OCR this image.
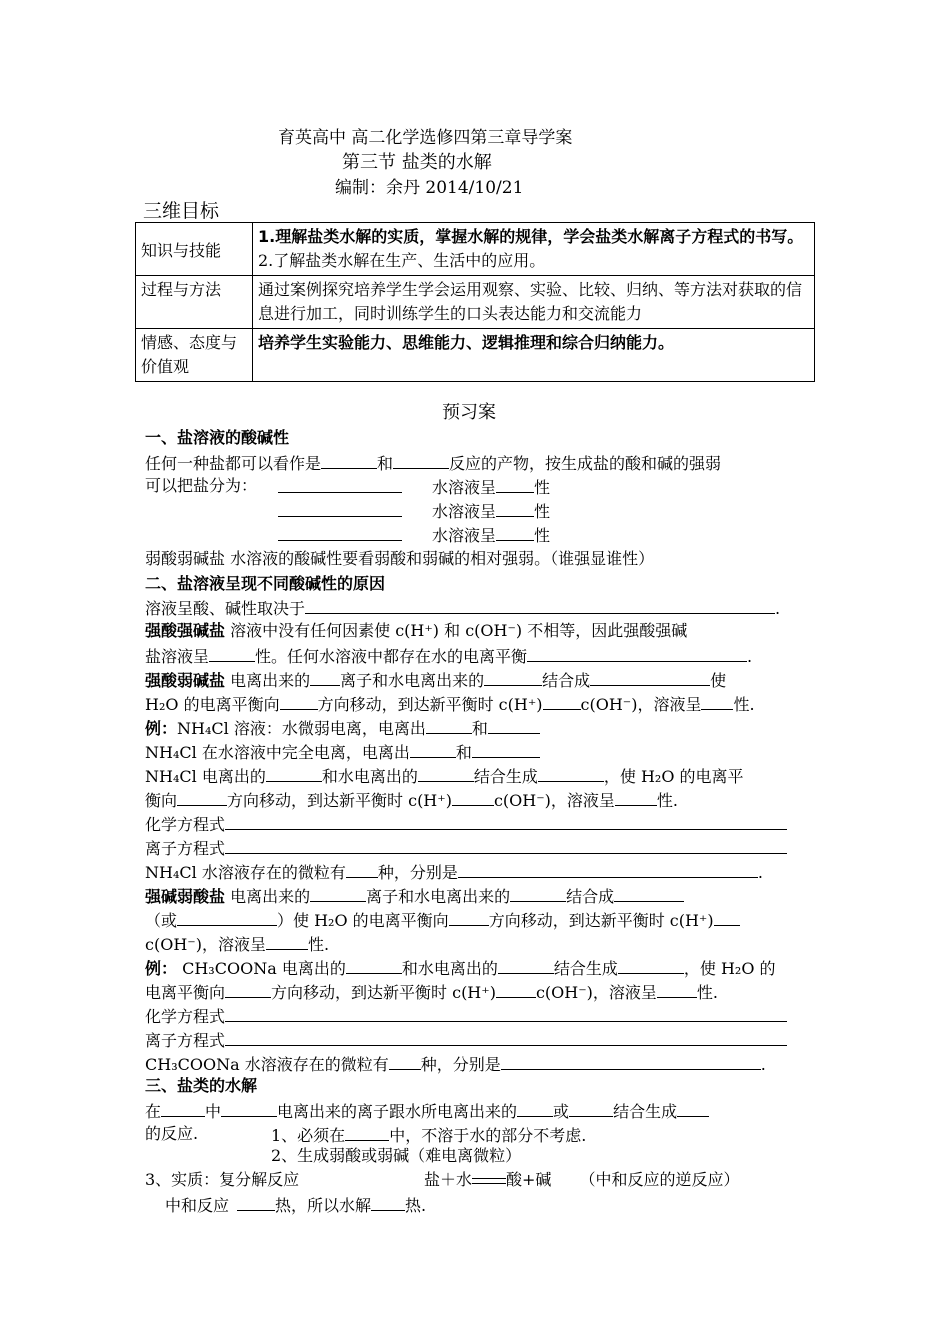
育英高中 高二化学选修四第三章导学案
第三节 盐类的水解
编制：余丹 2014/10/21
三维目标
知识与技能	1.理解盐类水解的实质，掌握水解的规律，学会盐类水解离子方程式的书写。
2.了解盐类水解在生产、生活中的应用。

过程与方法	通过案例探究培养学生学会运用观察、实验、比较、归纳、等方法对获取的信息进行加工，同时训练学生的口头表达能力和交流能力
情感、态度与价值观	培养学生实验能力、思维能力、逻辑推理和综合归纳能力。
预习案
一、盐溶液的酸碱性
任何一种盐都可以看作是	和	反应的产物，按生成盐的酸和碱的强弱
可以把盐分为：	水溶液呈 性
水溶液呈 性
水溶液呈 性
弱酸弱碱盐 水溶液的酸碱性要看弱酸和弱碱的相对强弱。（谁强显谁性）
二、盐溶液呈现不同酸碱性的原因
溶液呈酸、碱性取决于	.
强酸强碱盐 溶液中没有任何因素使 c(H⁺) 和 c(OH⁻) 不相等，因此强酸强碱
盐溶液呈	性。任何水溶液中都存在水的电离平衡	.
强酸弱碱盐 电离出来的 离子和水电离出来的	结合成	使
H₂O 的电离平衡向 方向移动，到达新平衡时 c(H⁺) c(OH⁻)，溶液呈 性.
例：NH₄Cl 溶液：水微弱电离，电离出	和
NH₄Cl 在水溶液中完全电离，电离出	和
NH₄Cl 电离出的	和水电离出的	结合生成	，使 H₂O 的电离平
衡向	方向移动，到达新平衡时 c(H⁺)	c(OH⁻)，溶液呈	性.
化学方程式
离子方程式
NH₄Cl 水溶液存在的微粒有 种，分别是	.
强碱弱酸盐 电离出来的	离子和水电离出来的	结合成
（或	）使 H₂O 的电离平衡向	方向移动，到达新平衡时 c(H⁺)
c(OH⁻)，溶液呈	性.
例： CH₃COONa 电离出的	和水电离出的	结合生成	，使 H₂O 的
电离平衡向	方向移动，到达新平衡时 c(H⁺)	c(OH⁻)，溶液呈	性.
化学方程式
离子方程式
CH₃COONa 水溶液存在的微粒有 种，分别是	.
三、盐类的水解
在	中	电离出来的离子跟水所电离出来的 或	结合生成
的反应.	1、必须在	中，不溶于水的部分不考虑.
2、生成弱酸或弱碱（难电离微粒）
3、实质：复分解反应	盐＋水 酸+碱 （中和反应的逆反应）
中和反应	热，所以水解 热.
